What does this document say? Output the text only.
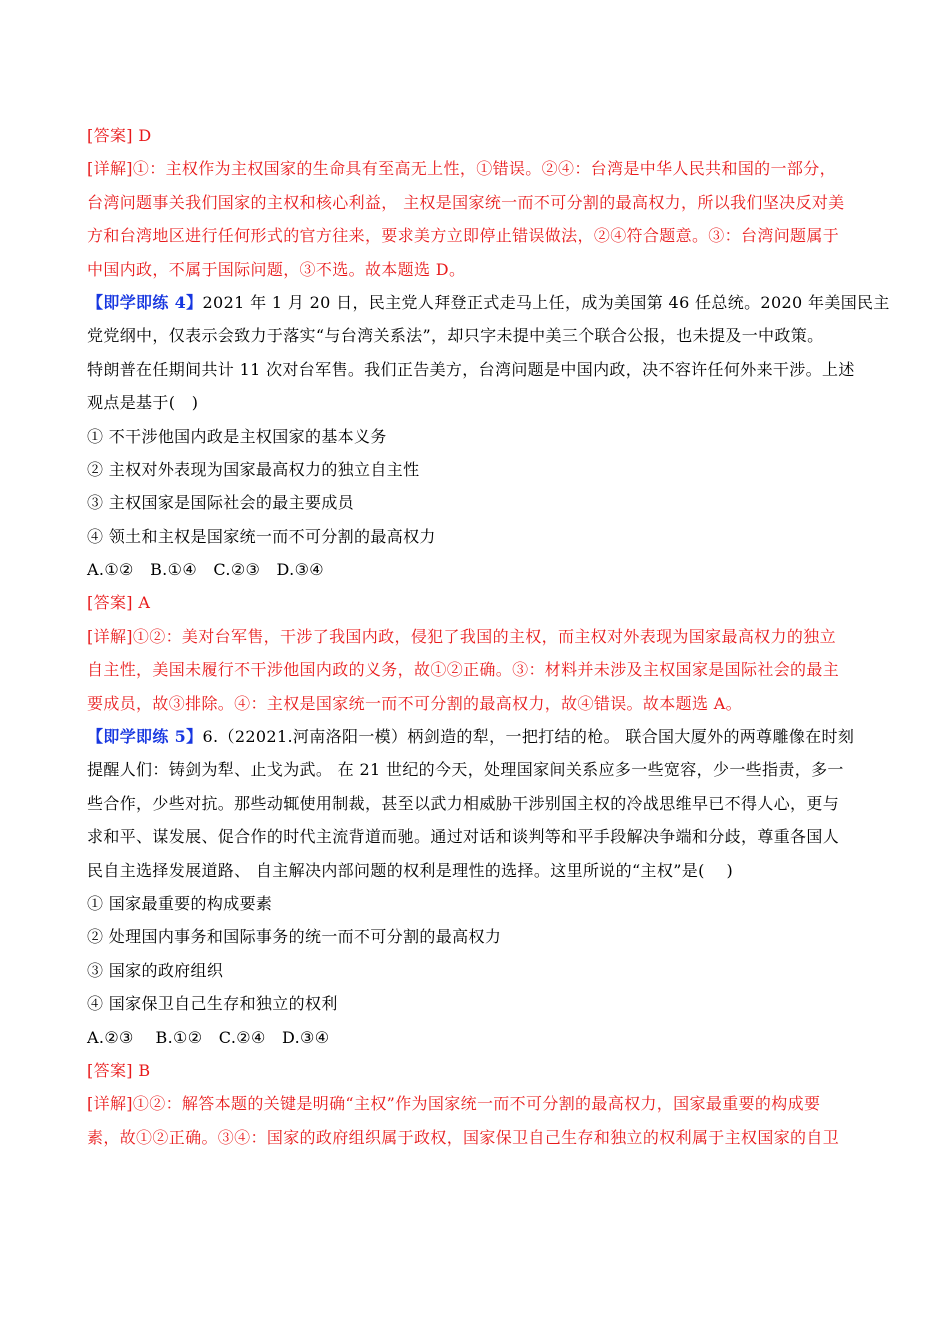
[答案] D
[详解]①：主权作为主权国家的生命具有至高无上性，①错误。②④：台湾是中华人民共和国的一部分，
台湾问题事关我们国家的主权和核心利益， 主权是国家统一而不可分割的最高权力，所以我们坚决反对美
方和台湾地区进行任何形式的官方往来，要求美方立即停止错误做法，②④符合题意。③：台湾问题属于
中国内政，不属于国际问题，③不选。故本题选 D。
【即学即练 4】2021 年 1 月 20 日，民主党人拜登正式走马上任，成为美国第 46 任总统。2020 年美国民主
党党纲中，仅表示会致力于落实“与台湾关系法”，却只字未提中美三个联合公报，也未提及一中政策。
特朗普在任期间共计 11 次对台军售。我们正告美方，台湾问题是中国内政，决不容许任何外来干涉。上述
观点是基于(　)
① 不干涉他国内政是主权国家的基本义务
② 主权对外表现为国家最高权力的独立自主性
③ 主权国家是国际社会的最主要成员
④ 领土和主权是国家统一而不可分割的最高权力
A.①②　B.①④　C.②③　D.③④
[答案] A
[详解]①②：美对台军售，干涉了我国内政，侵犯了我国的主权，而主权对外表现为国家最高权力的独立
自主性，美国未履行不干涉他国内政的义务，故①②正确。③：材料并未涉及主权国家是国际社会的最主
要成员，故③排除。④：主权是国家统一而不可分割的最高权力，故④错误。故本题选 A。
【即学即练 5】6.（22021.河南洛阳一模）柄剑造的犁，一把打结的枪。 联合国大厦外的两尊雕像在时刻
提醒人们：铸剑为犁、止戈为武。 在 21 世纪的今天，处理国家间关系应多一些宽容，少一些指责，多一
些合作，少些对抗。那些动辄使用制裁，甚至以武力相威胁干涉别国主权的冷战思维早已不得人心，更与
求和平、谋发展、促合作的时代主流背道而驰。通过对话和谈判等和平手段解决争端和分歧，尊重各国人
民自主选择发展道路、 自主解决内部问题的权利是理性的选择。这里所说的“主权”是(　 )
① 国家最重要的构成要素
② 处理国内事务和国际事务的统一而不可分割的最高权力
③ 国家的政府组织
④ 国家保卫自己生存和独立的权利
A.②③　 B.①②　C.②④　D.③④
[答案] B
[详解]①②：解答本题的关键是明确“主权”作为国家统一而不可分割的最高权力，国家最重要的构成要
素，故①②正确。③④：国家的政府组织属于政权，国家保卫自己生存和独立的权利属于主权国家的自卫
